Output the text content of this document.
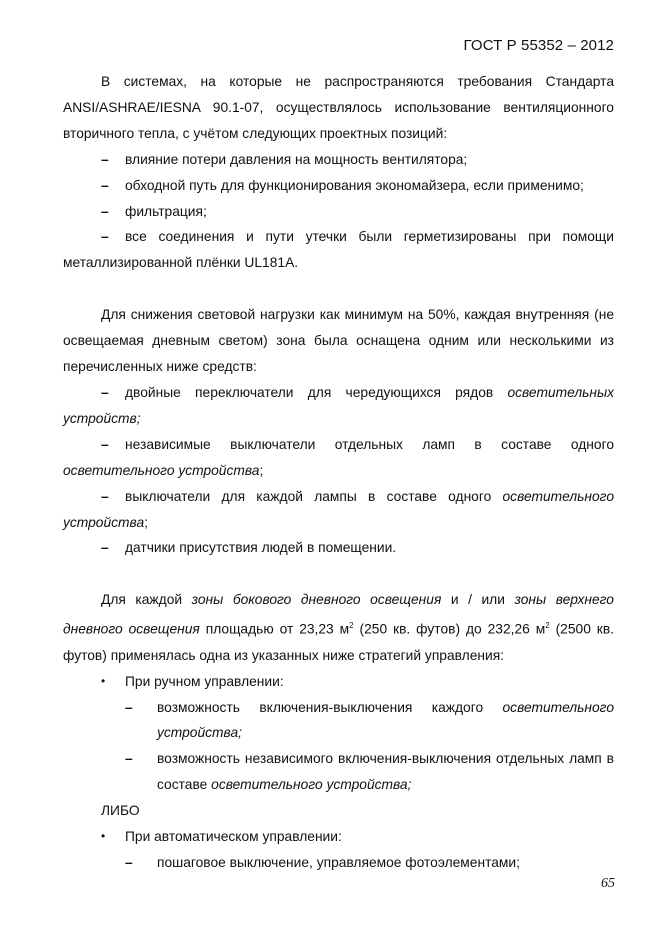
ГОСТ Р 55352 – 2012

В системах, на которые не распространяются требования Стандарта ANSI/ASHRAE/IESNA 90.1-07, осуществлялось использование вентиляционного вторичного тепла, с учётом следующих проектных позиций:

– влияние потери давления на мощность вентилятора;

– обходной путь для функционирования экономайзера, если применимо;

– фильтрация;

– все соединения и пути утечки были герметизированы при помощи металлизированной плёнки UL181A.

Для снижения световой нагрузки как минимум на 50%, каждая внутренняя (не освещаемая дневным светом) зона была оснащена одним или несколькими из перечисленных ниже средств:

– двойные переключатели для чередующихся рядов осветительных устройств;

– независимые выключатели отдельных ламп в составе одного осветительного устройства;

– выключатели для каждой лампы в составе одного осветительного устройства;

– датчики присутствия людей в помещении.

Для каждой зоны бокового дневного освещения и / или зоны верхнего дневного освещения площадью от 23,23 $м^2$ (250 кв. футов) до 232,26 $м^2$ (2500 кв. футов) применялась одна из указанных ниже стратегий управления:

• При ручном управлении:

– возможность включения-выключения каждого осветительного устройства;

– возможность независимого включения-выключения отдельных ламп в составе осветительного устройства;

ЛИБО

• При автоматическом управлении:

– пошаговое выключение, управляемое фотоэлементами;

65
